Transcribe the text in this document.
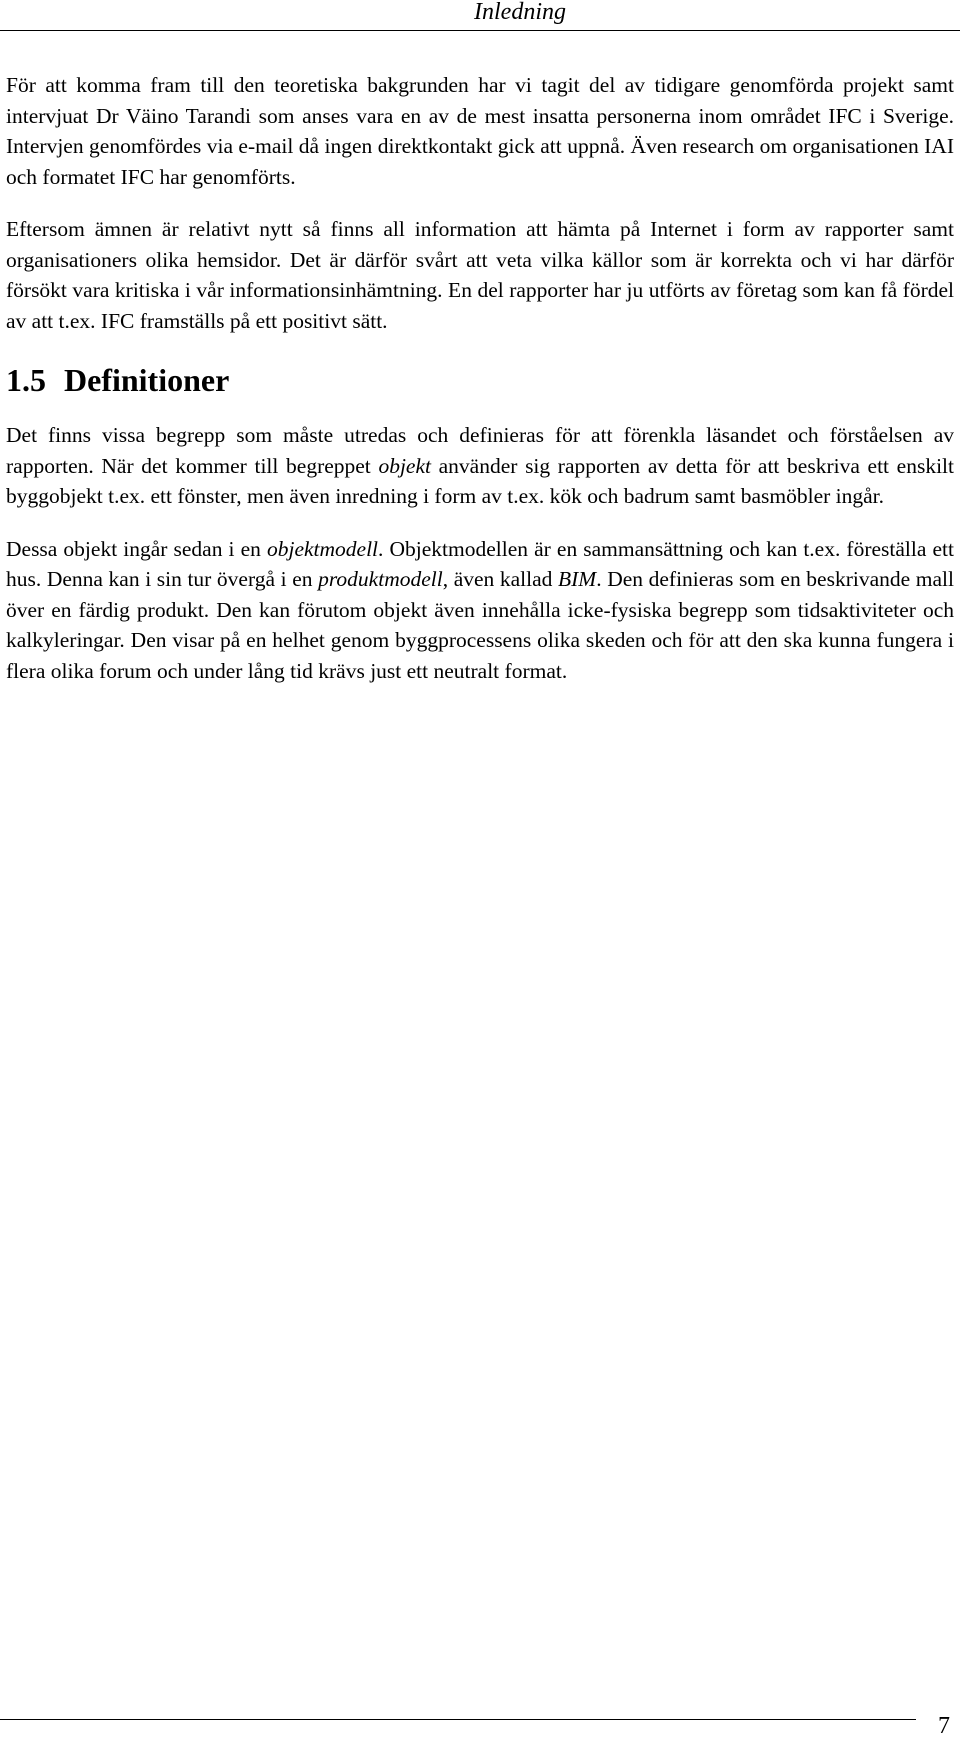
Inledning

För att komma fram till den teoretiska bakgrunden har vi tagit del av tidigare genomförda projekt samt intervjuat Dr Väino Tarandi som anses vara en av de mest insatta personerna inom området IFC i Sverige. Intervjen genomfördes via e-mail då ingen direktkontakt gick att uppnå. Även research om organisationen IAI och formatet IFC har genomförts.

Eftersom ämnen är relativt nytt så finns all information att hämta på Internet i form av rapporter samt organisationers olika hemsidor. Det är därför svårt att veta vilka källor som är korrekta och vi har därför försökt vara kritiska i vår informationsinhämtning. En del rapporter har ju utförts av företag som kan få fördel av att t.ex. IFC framställs på ett positivt sätt.

1.5 Definitioner

Det finns vissa begrepp som måste utredas och definieras för att förenkla läsandet och förståelsen av rapporten. När det kommer till begreppet objekt använder sig rapporten av detta för att beskriva ett enskilt byggobjekt t.ex. ett fönster, men även inredning i form av t.ex. kök och badrum samt basmöbler ingår.

Dessa objekt ingår sedan i en objektmodell. Objektmodellen är en sammansättning och kan t.ex. föreställa ett hus. Denna kan i sin tur övergå i en produktmodell, även kallad BIM. Den definieras som en beskrivande mall över en färdig produkt. Den kan förutom objekt även innehålla icke-fysiska begrepp som tidsaktiviteter och kalkyleringar. Den visar på en helhet genom byggprocessens olika skeden och för att den ska kunna fungera i flera olika forum och under lång tid krävs just ett neutralt format.

7
